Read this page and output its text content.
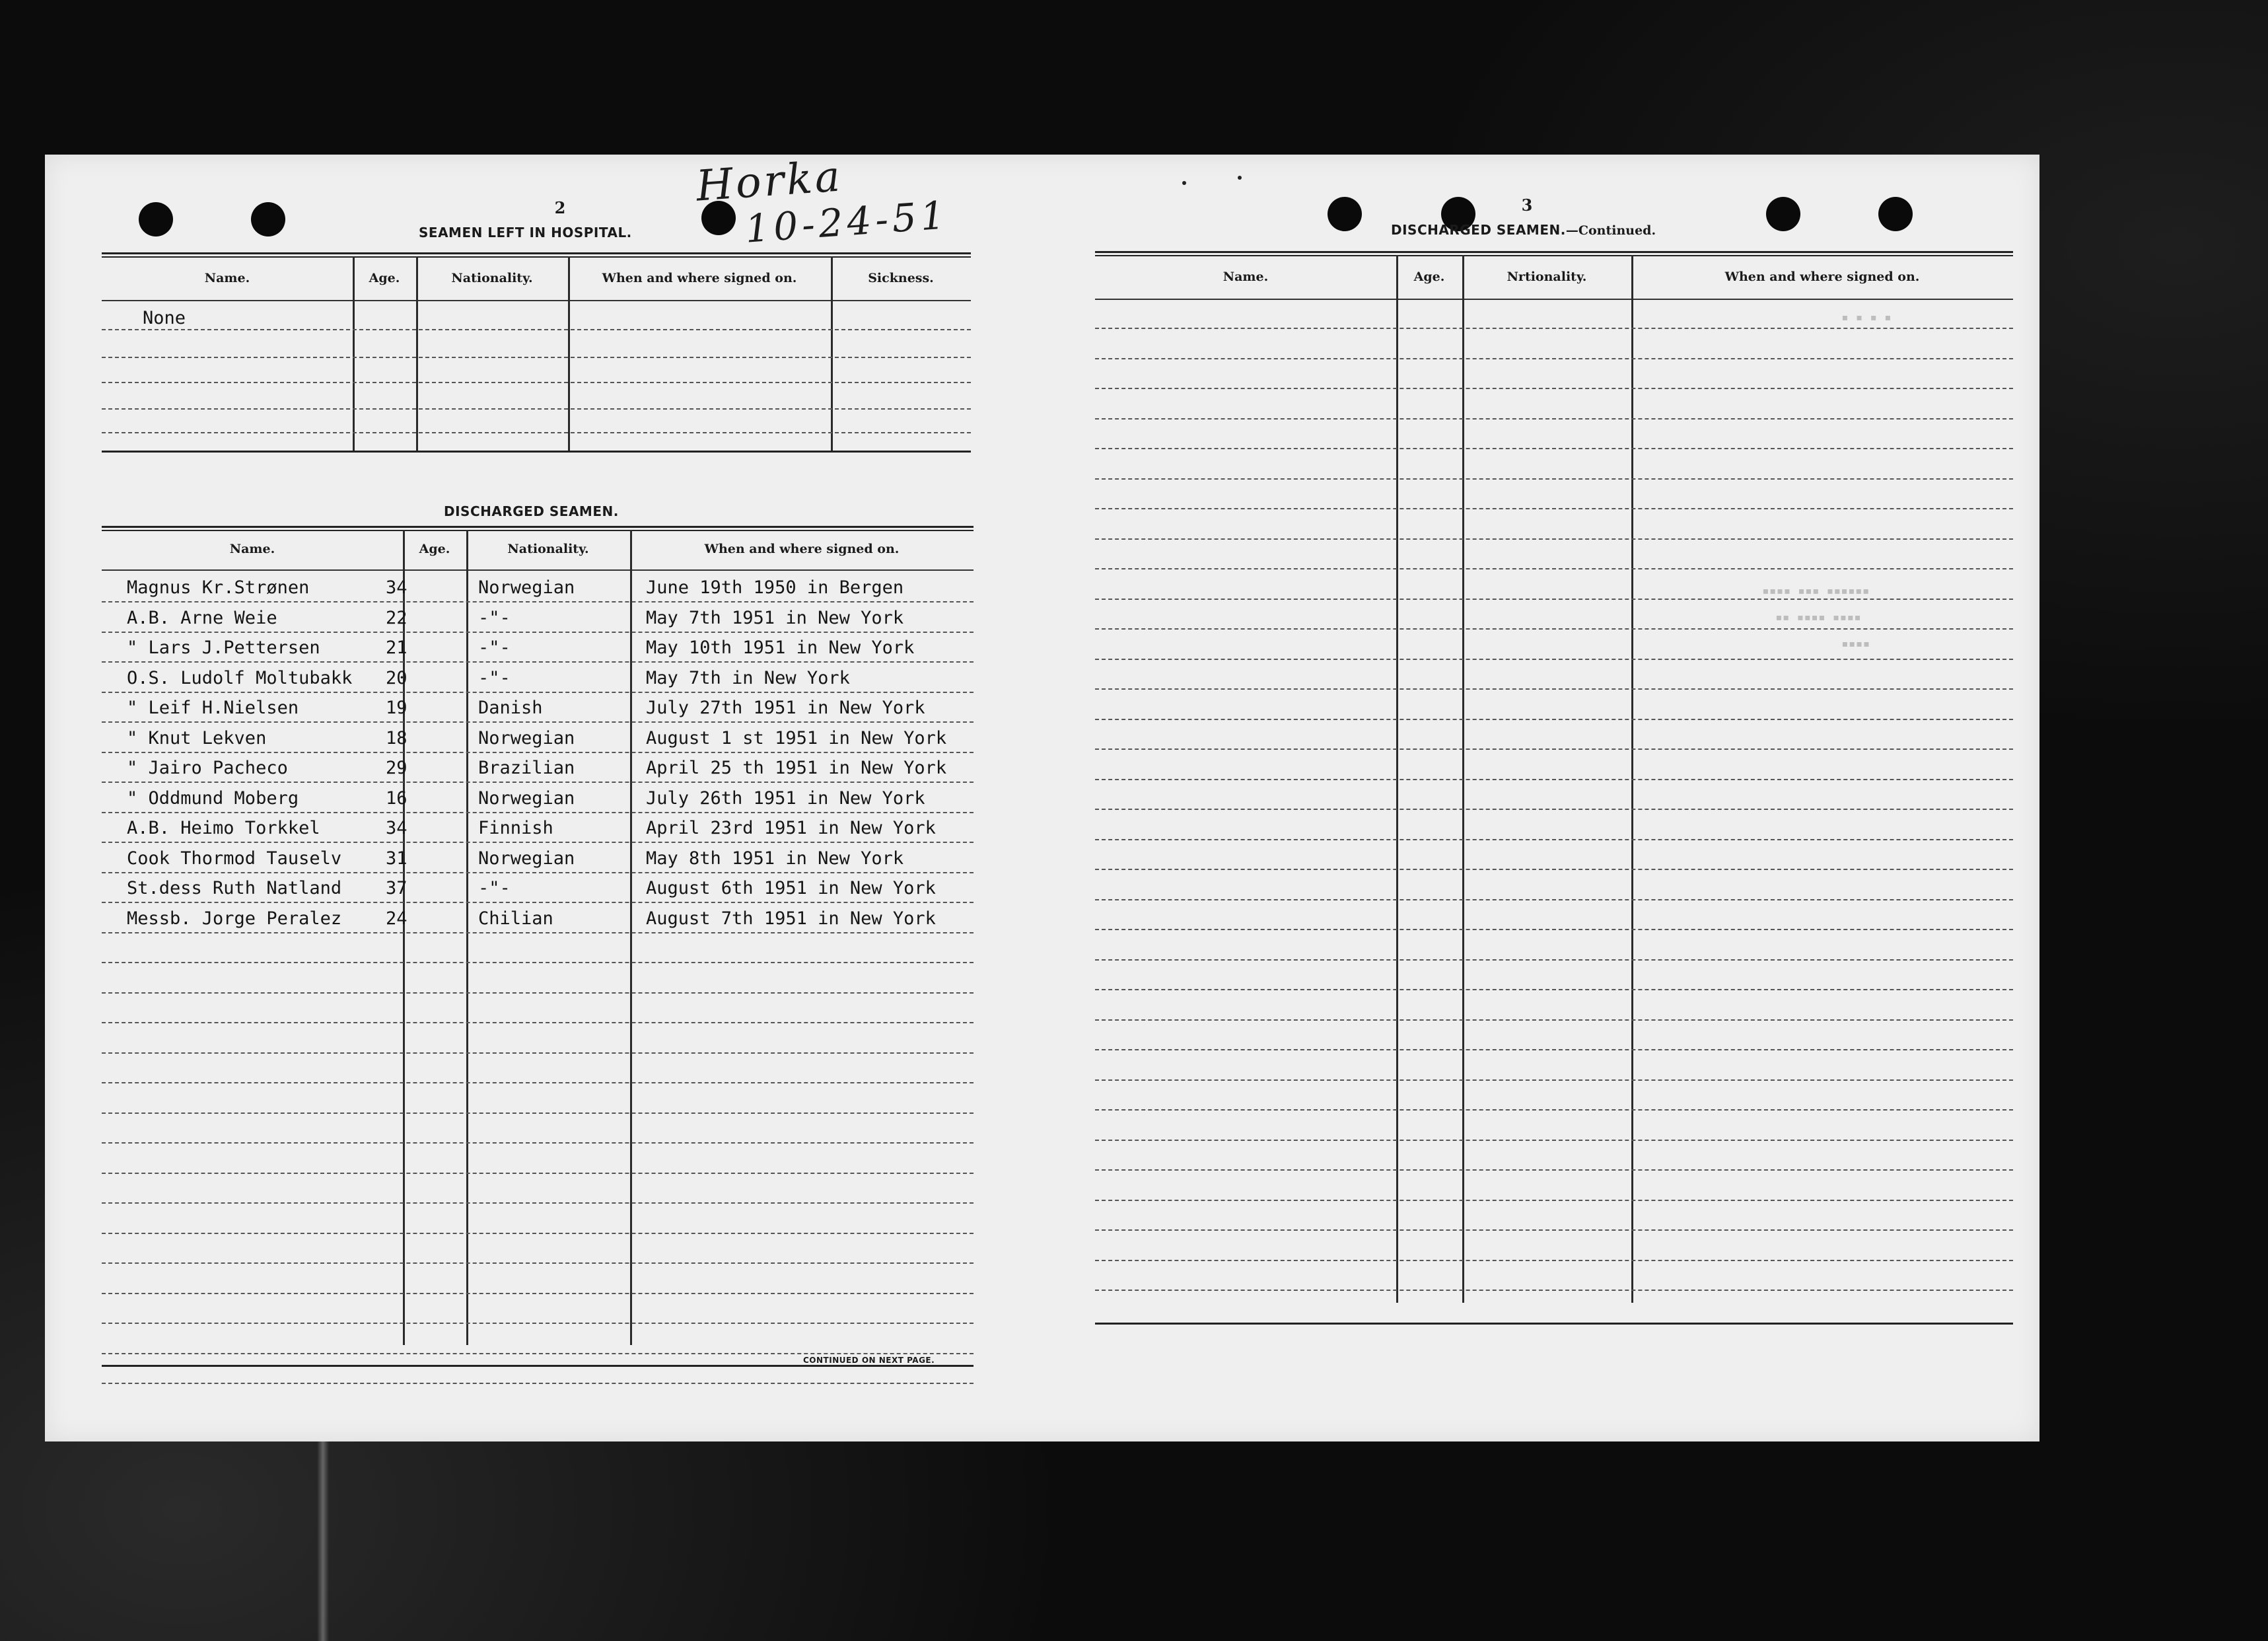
▪ ▪ ▪ ▪
▪▪▪▪▪▪ ▪▪▪ ▪▪▪▪
▪▪▪▪ ▪▪▪▪ ▪▪
▪▪▪▪
2
SEAMEN LEFT IN HOSPITAL.
Horka
10-24-51
Name.	Age.	Nationality.	When and where signed on.	Sickness.
None
DISCHARGED SEAMEN.
Name.	Age.	Nationality.	When and where signed on.
Magnus Kr.Strønen	34	Norwegian	June 19th 1950 in Bergen
A.B. Arne Weie	22	-"-	May 7th 1951 in New York
" Lars J.Pettersen	21	-"-	May 10th 1951 in New York
O.S. Ludolf Moltubakk 20	-"-	May 7th in New York
" Leif H.Nielsen	19	Danish	July 27th 1951 in New York
" Knut Lekven	18	Norwegian	August 1 st 1951 in New York
" Jairo Pacheco	29	Brazilian	April 25 th 1951 in New York
" Oddmund Moberg	16	Norwegian	July 26th 1951 in New York
A.B. Heimo Torkkel	34	Finnish	April 23rd 1951 in New York
Cook Thormod Tauselv 31	Norwegian	May 8th 1951 in New York
St.dess Ruth Natland 37	-"-	August 6th 1951 in New York
Messb. Jorge Peralez 24	Chilian	August 7th 1951 in New York
CONTINUED ON NEXT PAGE.
3
DISCHARGED SEAMEN.—Continued.
Name.	Age.	Nrtionality.	When and where signed on.
